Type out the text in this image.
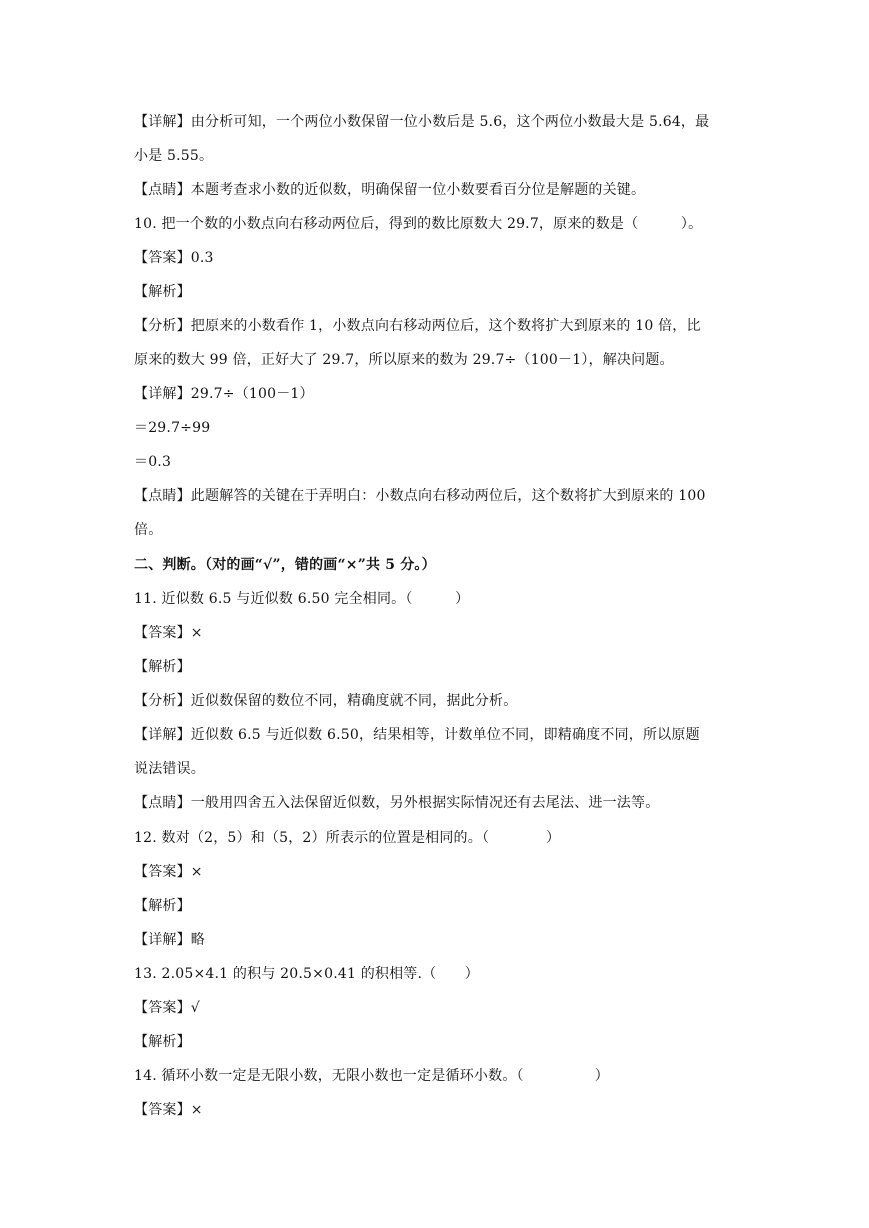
【详解】由分析可知，一个两位小数保留一位小数后是 5.6，这个两位小数最大是 5.64，最
小是 5.55。
【点睛】本题考查求小数的近似数，明确保留一位小数要看百分位是解题的关键。
10. 把一个数的小数点向右移动两位后，得到的数比原数大 29.7，原来的数是（　　　）。
【答案】0.3
【解析】
【分析】把原来的小数看作 1，小数点向右移动两位后，这个数将扩大到原来的 10 倍，比
原来的数大 99 倍，正好大了 29.7，所以原来的数为 29.7÷（100－1），解决问题。
【详解】29.7÷（100－1）
＝29.7÷99
＝0.3
【点睛】此题解答的关键在于弄明白：小数点向右移动两位后，这个数将扩大到原来的 100
倍。
二、判断。（对的画“√”，错的画“×”共 5 分。）
11. 近似数 6.5 与近似数 6.50 完全相同。（　　　）
【答案】×
【解析】
【分析】近似数保留的数位不同，精确度就不同，据此分析。
【详解】近似数 6.5 与近似数 6.50，结果相等，计数单位不同，即精确度不同，所以原题
说法错误。
【点睛】一般用四舍五入法保留近似数，另外根据实际情况还有去尾法、进一法等。
12. 数对（2，5）和（5，2）所表示的位置是相同的。（　　　　）
【答案】×
【解析】
【详解】略
13. 2.05×4.1 的积与 20.5×0.41 的积相等.（　　）
【答案】√
【解析】
14. 循环小数一定是无限小数，无限小数也一定是循环小数。（　　　　　）
【答案】×
